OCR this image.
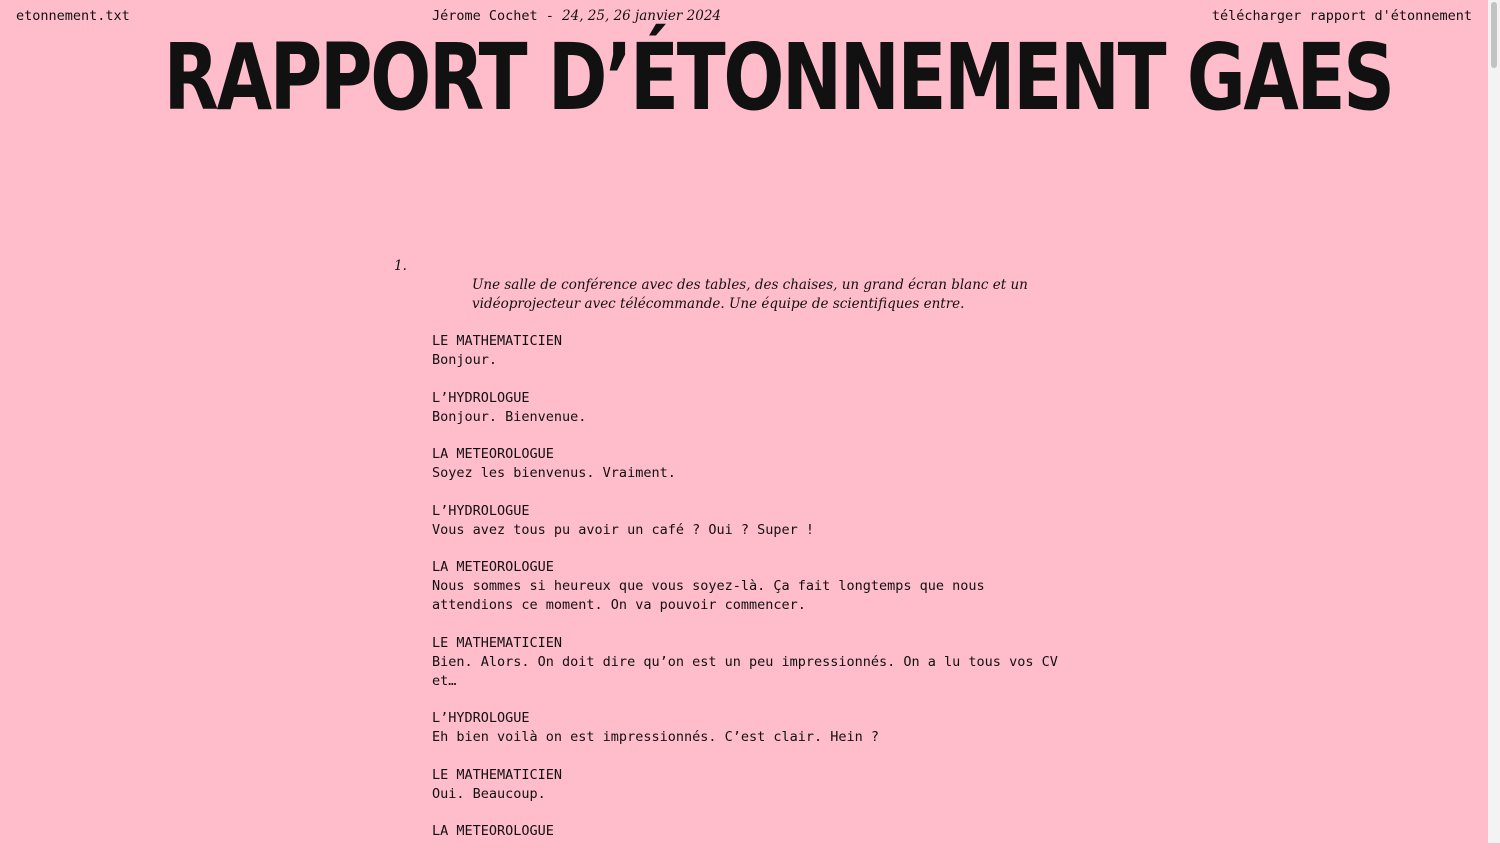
etonnement.txt	Jérome Cochet - 24, 25, 26 janvier 2024	télécharger rapport d'étonnement
RAPPORT D’ÉTONNEMENT GAES
1.
Une salle de conférence avec des tables, des chaises, un grand écran blanc et un vidéoprojecteur avec télécommande. Une équipe de scientifiques entre.
LE MATHEMATICIEN
Bonjour.
L’HYDROLOGUE
Bonjour. Bienvenue.
LA METEOROLOGUE
Soyez les bienvenus. Vraiment.
L’HYDROLOGUE
Vous avez tous pu avoir un café ? Oui ? Super !
LA METEOROLOGUE
Nous sommes si heureux que vous soyez-là. Ça fait longtemps que nous attendions ce moment. On va pouvoir commencer.
LE MATHEMATICIEN
Bien. Alors. On doit dire qu’on est un peu impressionnés. On a lu tous vos CV et…
L’HYDROLOGUE
Eh bien voilà on est impressionnés. C’est clair. Hein ?
LE MATHEMATICIEN
Oui. Beaucoup.
LA METEOROLOGUE
